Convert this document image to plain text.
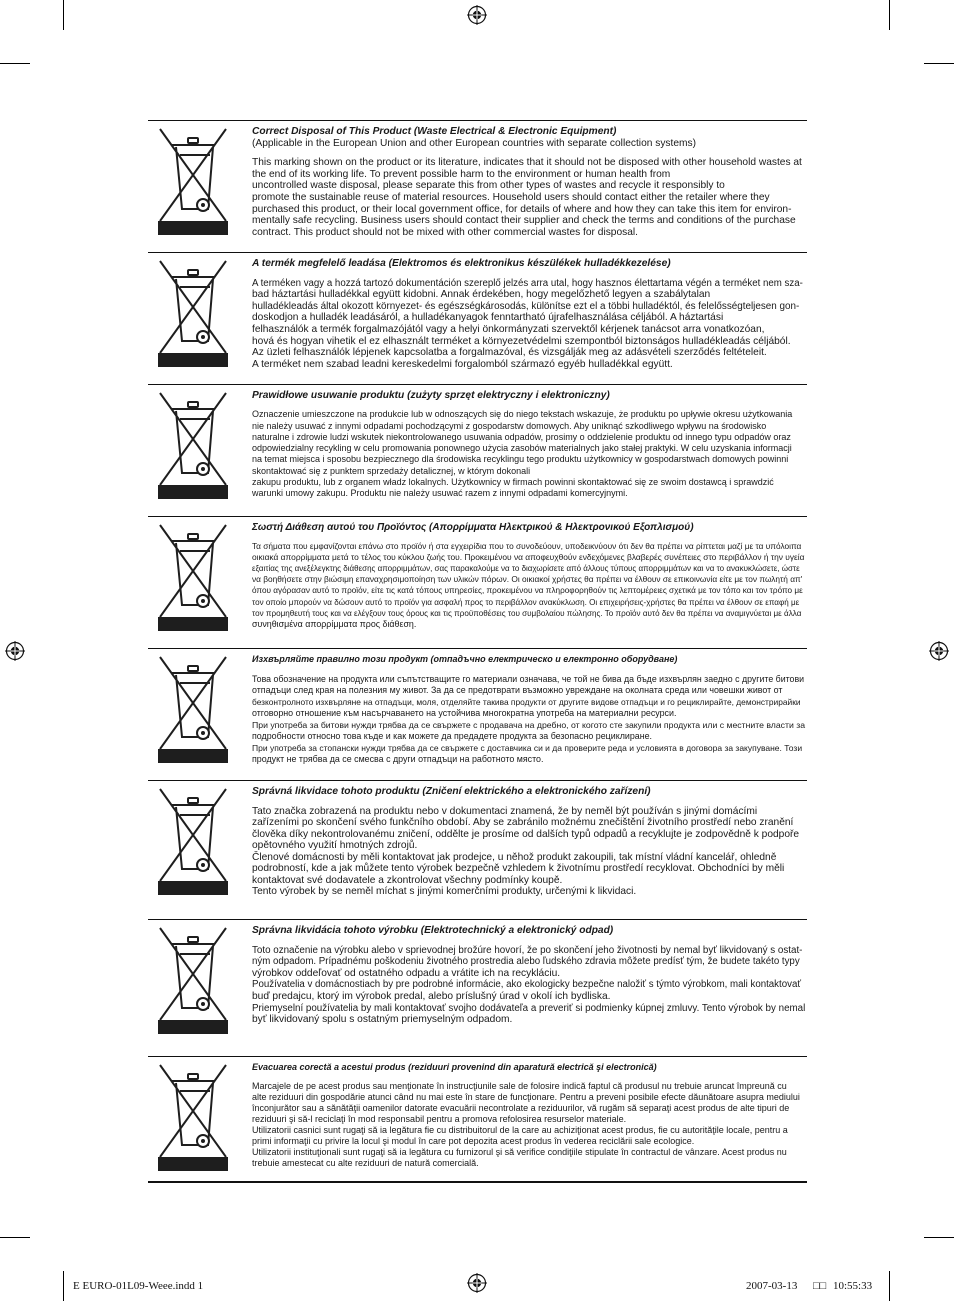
Correct Disposal of This Product (Waste Electrical & Electronic Equipment)
(Applicable in the European Union and other European countries with separate collection systems)

This marking shown on the product or its literature, indicates that it should not be disposed with other household wastes at

the end of its working life. To prevent possible harm to the environment or human health from

uncontrolled waste disposal, please separate this from other types of wastes and recycle it responsibly to

promote the sustainable reuse of material resources. Household users should contact either the retailer where they

purchased this product, or their local government office, for details of where and how they can take this item for environ-

mentally safe recycling. Business users should contact their supplier and check the terms and conditions of the purchase

contract. This product should not be mixed with other commercial wastes for disposal.

A termék megfelelő leadása (Elektromos és elektronikus készülékek hulladékkezelése)

A terméken vagy a hozzá tartozó dokumentáción szereplő jelzés arra utal, hogy hasznos élettartama végén a terméket nem sza-

bad háztartási hulladékkal együtt kidobni. Annak érdekében, hogy megelőzhető legyen a szabálytalan

hulladékleadás által okozott környezet- és egészségkárosodás, különítse ezt el a többi hulladéktól, és felelősségteljesen gon-

doskodjon a hulladék leadásáról, a hulladékanyagok fenntartható újrafelhasználása céljából. A háztartási

felhasználók a termék forgalmazójától vagy a helyi önkormányzati szervektől kérjenek tanácsot arra vonatkozóan,

hová és hogyan vihetik el ez elhasznált terméket a környezetvédelmi szempontból biztonságos hulladékleadás céljából.

Az üzleti felhasználók lépjenek kapcsolatba a forgalmazóval, és vizsgálják meg az adásvételi szerződés feltételeit.

A terméket nem szabad leadni kereskedelmi forgalomból származó egyéb hulladékkal együtt.

Prawidłowe usuwanie produktu (zużyty sprzęt elektryczny i elektroniczny)

Oznaczenie umieszczone na produkcie lub w odnoszących się do niego tekstach wskazuje, że produktu po upływie okresu użytkowania

nie należy usuwać z innymi odpadami pochodzącymi z gospodarstw domowych. Aby uniknąć szkodliwego wpływu na środowisko

naturalne i zdrowie ludzi wskutek niekontrolowanego usuwania odpadów, prosimy o oddzielenie produktu od innego typu odpadów oraz

odpowiedzialny recykling w celu promowania ponownego użycia zasobów materialnych jako stałej praktyki. W celu uzyskania informacji

na temat miejsca i sposobu bezpiecznego dla środowiska recyklingu tego produktu użytkownicy w gospodarstwach domowych powinni

skontaktować się z punktem sprzedaży detalicznej, w którym dokonali

zakupu produktu, lub z organem władz lokalnych. Użytkownicy w firmach powinni skontaktować się ze swoim dostawcą i sprawdzić

warunki umowy zakupu. Produktu nie należy usuwać razem z innymi odpadami komercyjnymi.

Σωστή Διάθεση αυτού του Προϊόντος (Απορρίμματα Ηλεκτρικού & Ηλεκτρονικού Εξοπλισμού)

Τα σήματα που εμφανίζονται επάνω στο προϊόν ή στα εγχειρίδια που το συνοδεύουν, υποδεικνύουν ότι δεν θα πρέπει να ρίπτεται μαζί με τα υπόλοιπα

οικιακά απορρίμματα μετά το τέλος του κύκλου ζωής του. Προκειμένου να αποφευχθούν ενδεχόμενες βλαβερές συνέπειες στο περιβάλλον ή την υγεία

εξαιτίας της ανεξέλεγκτης διάθεσης απορριμμάτων, σας παρακαλούμε να το διαχωρίσετε από άλλους τύπους απορριμμάτων και να το ανακυκλώσετε, ώστε

να βοηθήσετε στην βιώσιμη επαναχρησιμοποίηση των υλικών πόρων. Οι οικιακοί χρήστες θα πρέπει να έλθουν σε επικοινωνία είτε με τον πωλητή απ'

όπου αγόρασαν αυτό το προϊόν, είτε τις κατά τόπους υπηρεσίες, προκειμένου να πληροφορηθούν τις λεπτομέρειες σχετικά με τον τόπο και τον τρόπο με

τον οποίο μπορούν να δώσουν αυτό το προϊόν για ασφαλή προς το περιβάλλον ανακύκλωση. Οι επιχειρήσεις-χρήστες θα πρέπει να έλθουν σε επαφή με

τον προμηθευτή τους και να ελέγξουν τους όρους και τις προϋποθέσεις του συμβολαίου πώλησης. Το προϊόν αυτό δεν θα πρέπει να αναμιγνύεται με άλλα

συνηθισμένα απορρίμματα προς διάθεση.

Изхвърляйте правилно този продукт (отпадъчно електрическо и електронно оборудване)

Това обозначение на продукта или съпътстващите го материали означава, че той не бива да бъде изхвърлян заедно с другите битови

отпадъци след края на полезния му живот. За да се предотврати възможно увреждане на околната среда или човешки живот от

безконтролното изхвърляне на отпадъци, моля, отделяйте такива продукти от другите видове отпадъци и го рециклирайте, демонстрирайки

отговорно отношение към насърчаването на устойчива многократна употреба на материални ресурси.

При употреба за битови нужди трябва да се свържете с продавача на дребно, от когото сте закупили продукта или с местните власти за

подробности относно това къде и как можете да предадете продукта за безопасно рециклиране.

При употреба за стопански нужди трябва да се свържете с доставчика си и да проверите реда и условията в договора за закупуване. Този

продукт не трябва да се смесва с други отпадъци на работното място.

Správná likvidace tohoto produktu (Zničení elektrického a elektronického zařízení)

Tato značka zobrazená na produktu nebo v dokumentaci znamená, že by neměl být používán s jinými domácími

zařízeními po skončení svého funkčního období. Aby se zabránilo možnému znečištění životního prostředí nebo zranění

člověka díky nekontrolovanému zničení, oddělte je prosíme od dalších typů odpadů a recyklujte je zodpovědně k podpoře

opětovného využití hmotných zdrojů.

Členové domácnosti by měli kontaktovat jak prodejce, u něhož produkt zakoupili, tak místní vládní kancelář, ohledně

podrobností, kde a jak můžete tento výrobek bezpečně vzhledem k životnímu prostředí recyklovat. Obchodníci by měli

kontaktovat své dodavatele a zkontrolovat všechny podmínky koupě.

Tento výrobek by se neměl míchat s jinými komerčními produkty, určenými k likvidaci.

Správna likvidácia tohoto výrobku (Elektrotechnický a elektronický odpad)

Toto označenie na výrobku alebo v sprievodnej brožúre hovorí, že po skončení jeho životnosti by nemal byť likvidovaný s ostat-

ným odpadom. Prípadnému poškodeniu životného prostredia alebo ľudského zdravia môžete predísť tým, že budete takéto typy

výrobkov oddeľovať od ostatného odpadu a vrátite ich na recykláciu.

Používatelia v domácnostiach by pre podrobné informácie, ako ekologicky bezpečne naložiť s týmto výrobkom, mali kontaktovať

buď predajcu, ktorý im výrobok predal, alebo príslušný úrad v okolí ich bydliska.

Priemyselní používatelia by mali kontaktovať svojho dodávateľa a preveriť si podmienky kúpnej zmluvy. Tento výrobok by nemal

byť likvidovaný spolu s ostatným priemyselným odpadom.

Evacuarea corectă a acestui produs (reziduuri provenind din aparatură electrică şi electronică)

Marcajele de pe acest produs sau menţionate în instrucţiunile sale de folosire indică faptul că produsul nu trebuie aruncat împreună cu

alte reziduuri din gospodărie atunci când nu mai este în stare de funcţionare. Pentru a preveni posibile efecte dăunătoare asupra mediului

înconjurător sau a sănătăţii oamenilor datorate evacuării necontrolate a reziduurilor, vă rugăm să separaţi acest produs de alte tipuri de

reziduuri şi să-l reciclaţi în mod responsabil pentru a promova refolosirea resurselor materiale.

Utilizatorii casnici sunt rugaţi să ia legătura fie cu distribuitorul de la care au achiziţionat acest produs, fie cu autorităţile locale, pentru a

primi informaţii cu privire la locul şi modul în care pot depozita acest produs în vederea reciclării sale ecologice.

Utilizatorii instituţionali sunt rugaţi să ia legătura cu furnizorul şi să verifice condiţiile stipulate în contractul de vânzare. Acest produs nu

trebuie amestecat cu alte reziduuri de natură comercială.

E EURO-01L09-Weee.indd 1	2007-03-13 □□ 10:55:33
